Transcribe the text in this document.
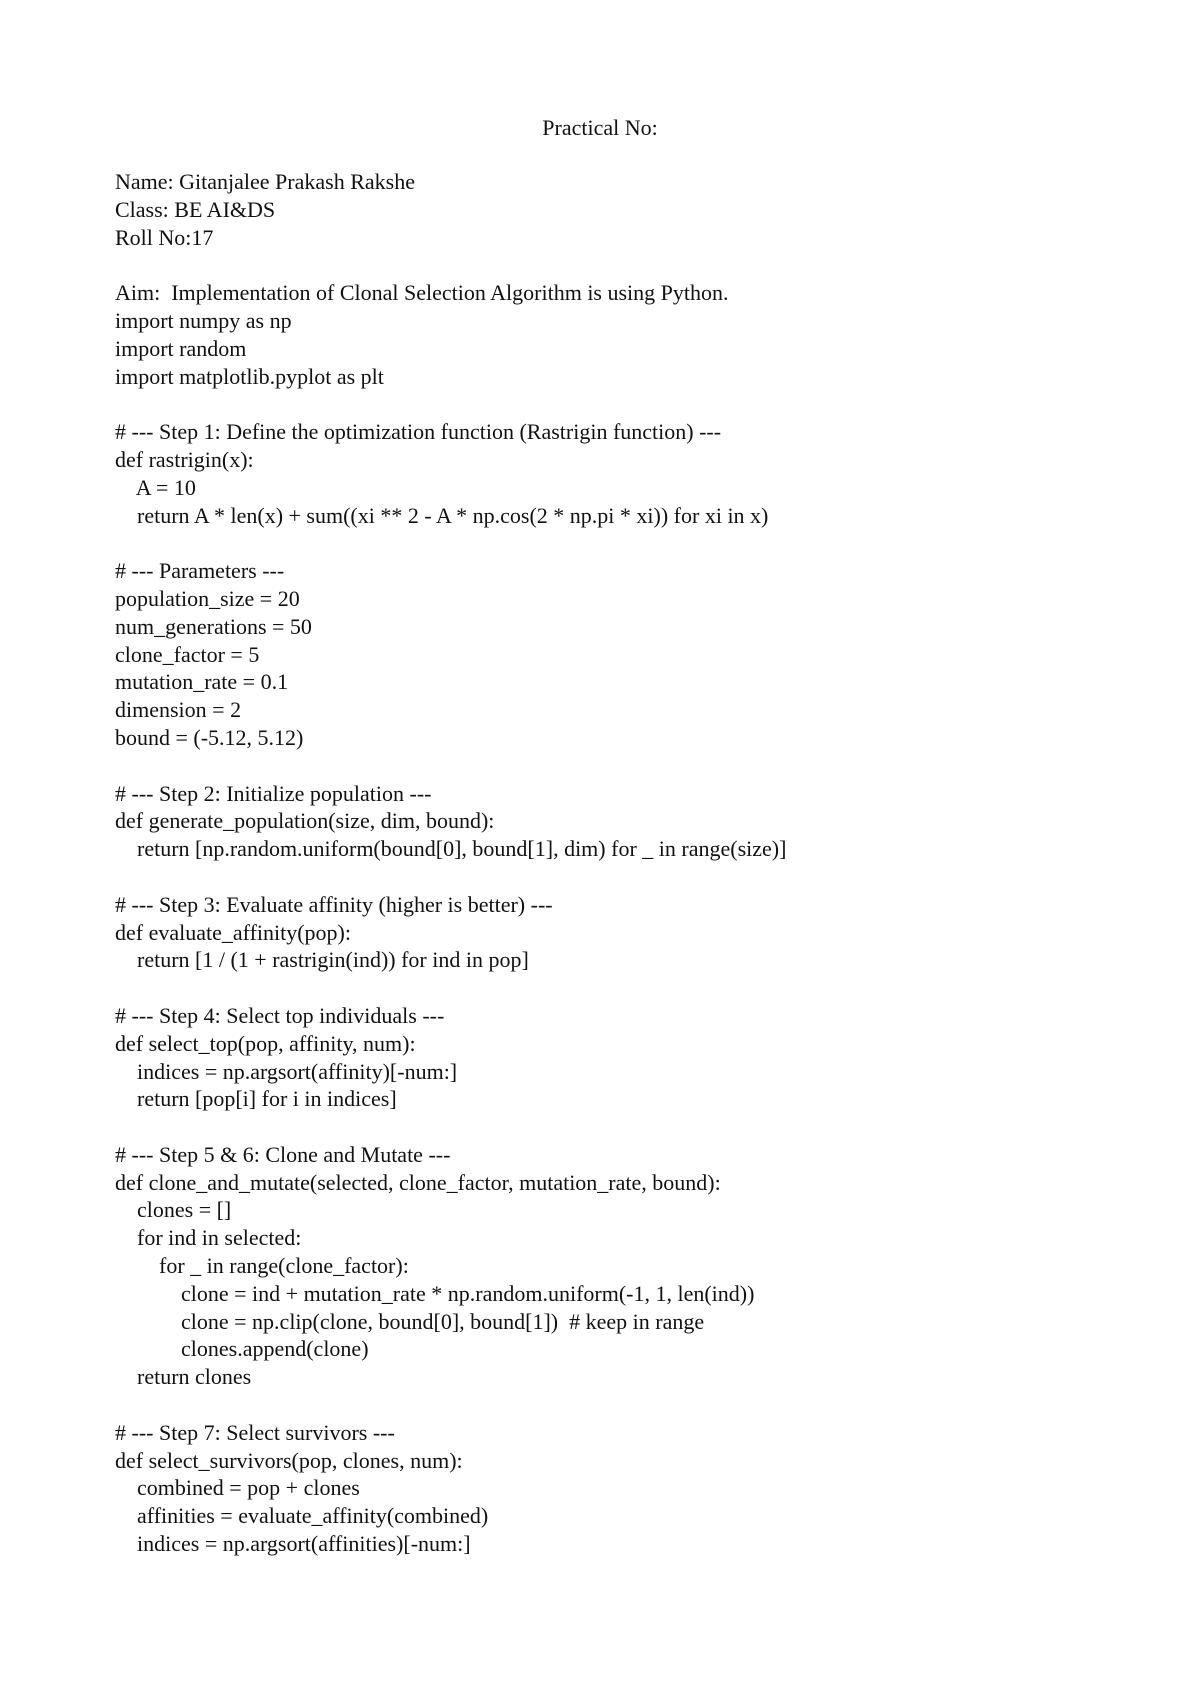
Practical No:
Name: Gitanjalee Prakash Rakshe
Class: BE AI&DS
Roll No:17
Aim:  Implementation of Clonal Selection Algorithm is using Python.
import numpy as np
import random
import matplotlib.pyplot as plt
# --- Step 1: Define the optimization function (Rastrigin function) ---
def rastrigin(x):
A = 10
return A * len(x) + sum((xi ** 2 - A * np.cos(2 * np.pi * xi)) for xi in x)
# --- Parameters ---
population_size = 20
num_generations = 50
clone_factor = 5
mutation_rate = 0.1
dimension = 2
bound = (-5.12, 5.12)
# --- Step 2: Initialize population ---
def generate_population(size, dim, bound):
return [np.random.uniform(bound[0], bound[1], dim) for _ in range(size)]
# --- Step 3: Evaluate affinity (higher is better) ---
def evaluate_affinity(pop):
return [1 / (1 + rastrigin(ind)) for ind in pop]
# --- Step 4: Select top individuals ---
def select_top(pop, affinity, num):
indices = np.argsort(affinity)[-num:]
return [pop[i] for i in indices]
# --- Step 5 & 6: Clone and Mutate ---
def clone_and_mutate(selected, clone_factor, mutation_rate, bound):
clones = []
for ind in selected:
for _ in range(clone_factor):
clone = ind + mutation_rate * np.random.uniform(-1, 1, len(ind))
clone = np.clip(clone, bound[0], bound[1])  # keep in range
clones.append(clone)
return clones
# --- Step 7: Select survivors ---
def select_survivors(pop, clones, num):
combined = pop + clones
affinities = evaluate_affinity(combined)
indices = np.argsort(affinities)[-num:]
